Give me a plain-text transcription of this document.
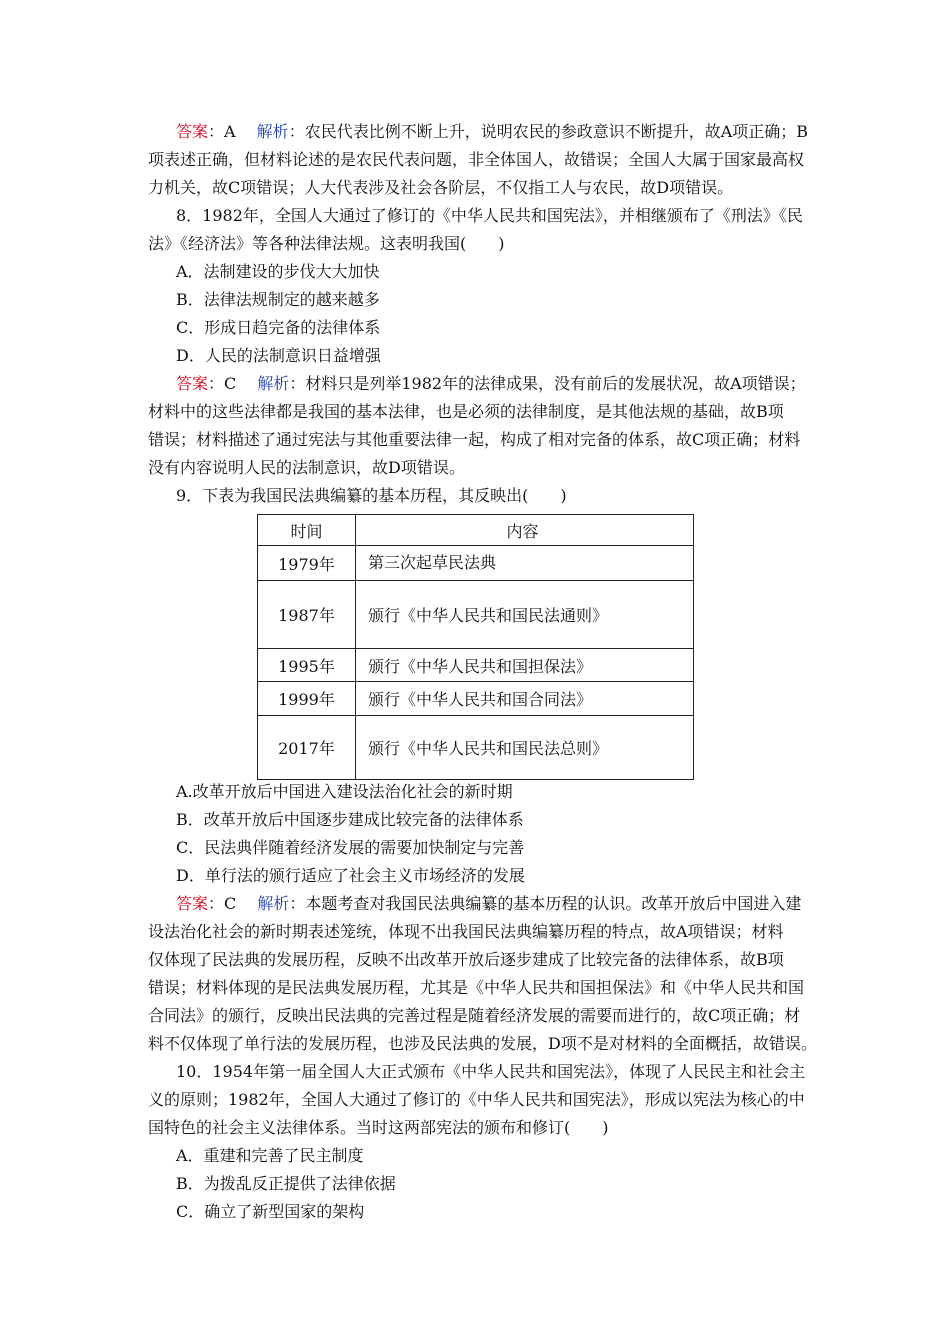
答案：A　 解析：农民代表比例不断上升，说明农民的参政意识不断提升，故A项正确；B
项表述正确，但材料论述的是农民代表问题，非全体国人，故错误；全国人大属于国家最高权
力机关，故C项错误；人大代表涉及社会各阶层，不仅指工人与农民，故D项错误。
8．1982年，全国人大通过了修订的《中华人民共和国宪法》，并相继颁布了《刑法》《民
法》《经济法》等各种法律法规。这表明我国(　　)
A．法制建设的步伐大大加快
B．法律法规制定的越来越多
C．形成日趋完备的法律体系
D．人民的法制意识日益增强
答案：C　 解析：材料只是列举1982年的法律成果，没有前后的发展状况，故A项错误；
材料中的这些法律都是我国的基本法律，也是必须的法律制度，是其他法规的基础，故B项
错误；材料描述了通过宪法与其他重要法律一起，构成了相对完备的体系，故C项正确；材料
没有内容说明人民的法制意识，故D项错误。
9．下表为我国民法典编纂的基本历程，其反映出(　　)
时间	内容
1979年	第三次起草民法典
1987年	颁行《中华人民共和国民法通则》
1995年	颁行《中华人民共和国担保法》
1999年	颁行《中华人民共和国合同法》
2017年	颁行《中华人民共和国民法总则》
A.改革开放后中国进入建设法治化社会的新时期
B．改革开放后中国逐步建成比较完备的法律体系
C．民法典伴随着经济发展的需要加快制定与完善
D．单行法的颁行适应了社会主义市场经济的发展
答案：C　 解析：本题考查对我国民法典编纂的基本历程的认识。改革开放后中国进入建
设法治化社会的新时期表述笼统，体现不出我国民法典编纂历程的特点，故A项错误；材料
仅体现了民法典的发展历程，反映不出改革开放后逐步建成了比较完备的法律体系，故B项
错误；材料体现的是民法典发展历程，尤其是《中华人民共和国担保法》和《中华人民共和国
合同法》的颁行，反映出民法典的完善过程是随着经济发展的需要而进行的，故C项正确；材
料不仅体现了单行法的发展历程，也涉及民法典的发展，D项不是对材料的全面概括，故错误。
10．1954年第一届全国人大正式颁布《中华人民共和国宪法》，体现了人民民主和社会主
义的原则；1982年，全国人大通过了修订的《中华人民共和国宪法》，形成以宪法为核心的中
国特色的社会主义法律体系。当时这两部宪法的颁布和修订(　　)
A．重建和完善了民主制度
B．为拨乱反正提供了法律依据
C．确立了新型国家的架构
